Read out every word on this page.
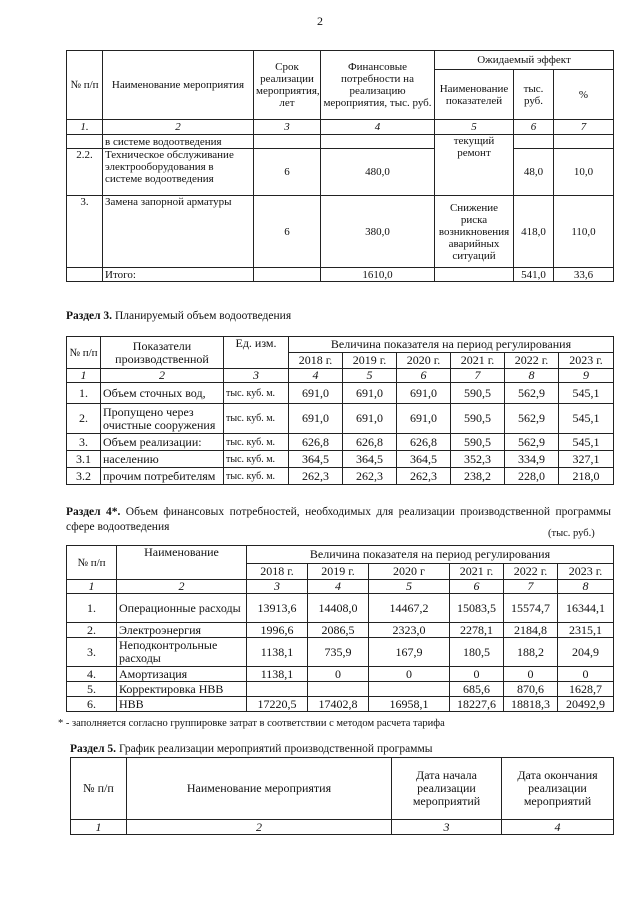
2
№ п/п	Наименование мероприятия	Срок реализации мероприятия, лет	Финансовые потребности на реализацию мероприятия, тыс. руб.	Ожидаемый эффект		
				Наименование показателей	тыс. руб.	%
1.	2	3	4	5	6	7
	в системе водоотведения			текущий ремонт		
2.2.	Техническое обслуживание электрооборудования в системе водоотведения	6	480,0		48,0	10,0
3.	Замена запорной арматуры	6	380,0	Снижение риска возникновения аварийных ситуаций	418,0	110,0
	Итого:		1610,0		541,0	33,6
Раздел 3. Планируемый объем водоотведения
№ п/п	Показатели производственной	Ед. изм.	Величина показателя на период регулирования					
			2018 г.	2019 г.	2020 г.	2021 г.	2022 г.	2023 г.
1	2	3	4	5	6	7	8	9
1.	Объем сточных вод,	тыс. куб. м.	691,0	691,0	691,0	590,5	562,9	545,1
2.	Пропущено через очистные сооружения	тыс. куб. м.	691,0	691,0	691,0	590,5	562,9	545,1
3.	Объем реализации:	тыс. куб. м.	626,8	626,8	626,8	590,5	562,9	545,1
3.1	населению	тыс. куб. м.	364,5	364,5	364,5	352,3	334,9	327,1
3.2	прочим потребителям	тыс. куб. м.	262,3	262,3	262,3	238,2	228,0	218,0
Раздел 4*. Объем финансовых потребностей, необходимых для реализации производственной программы сфере водоотведения
(тыс. руб.)
№ п/п	Наименование	Величина показателя на период регулирования					
		2018 г.	2019 г.	2020 г	2021 г.	2022 г.	2023 г.
1	2	3	4	5	6	7	8
1.	Операционные расходы	13913,6	14408,0	14467,2	15083,5	15574,7	16344,1
2.	Электроэнергия	1996,6	2086,5	2323,0	2278,1	2184,8	2315,1
3.	Неподконтрольные расходы	1138,1	735,9	167,9	180,5	188,2	204,9
4.	Амортизация	1138,1	0	0	0	0	0
5.	Корректировка НВВ				685,6	870,6	1628,7
6.	НВВ	17220,5	17402,8	16958,1	18227,6	18818,3	20492,9
* - заполняется согласно группировке затрат в соответствии с методом расчета тарифа
Раздел 5. График реализации мероприятий производственной программы
№ п/п	Наименование мероприятия	Дата начала реализации мероприятий	Дата окончания реализации мероприятий
1	2	3	4
